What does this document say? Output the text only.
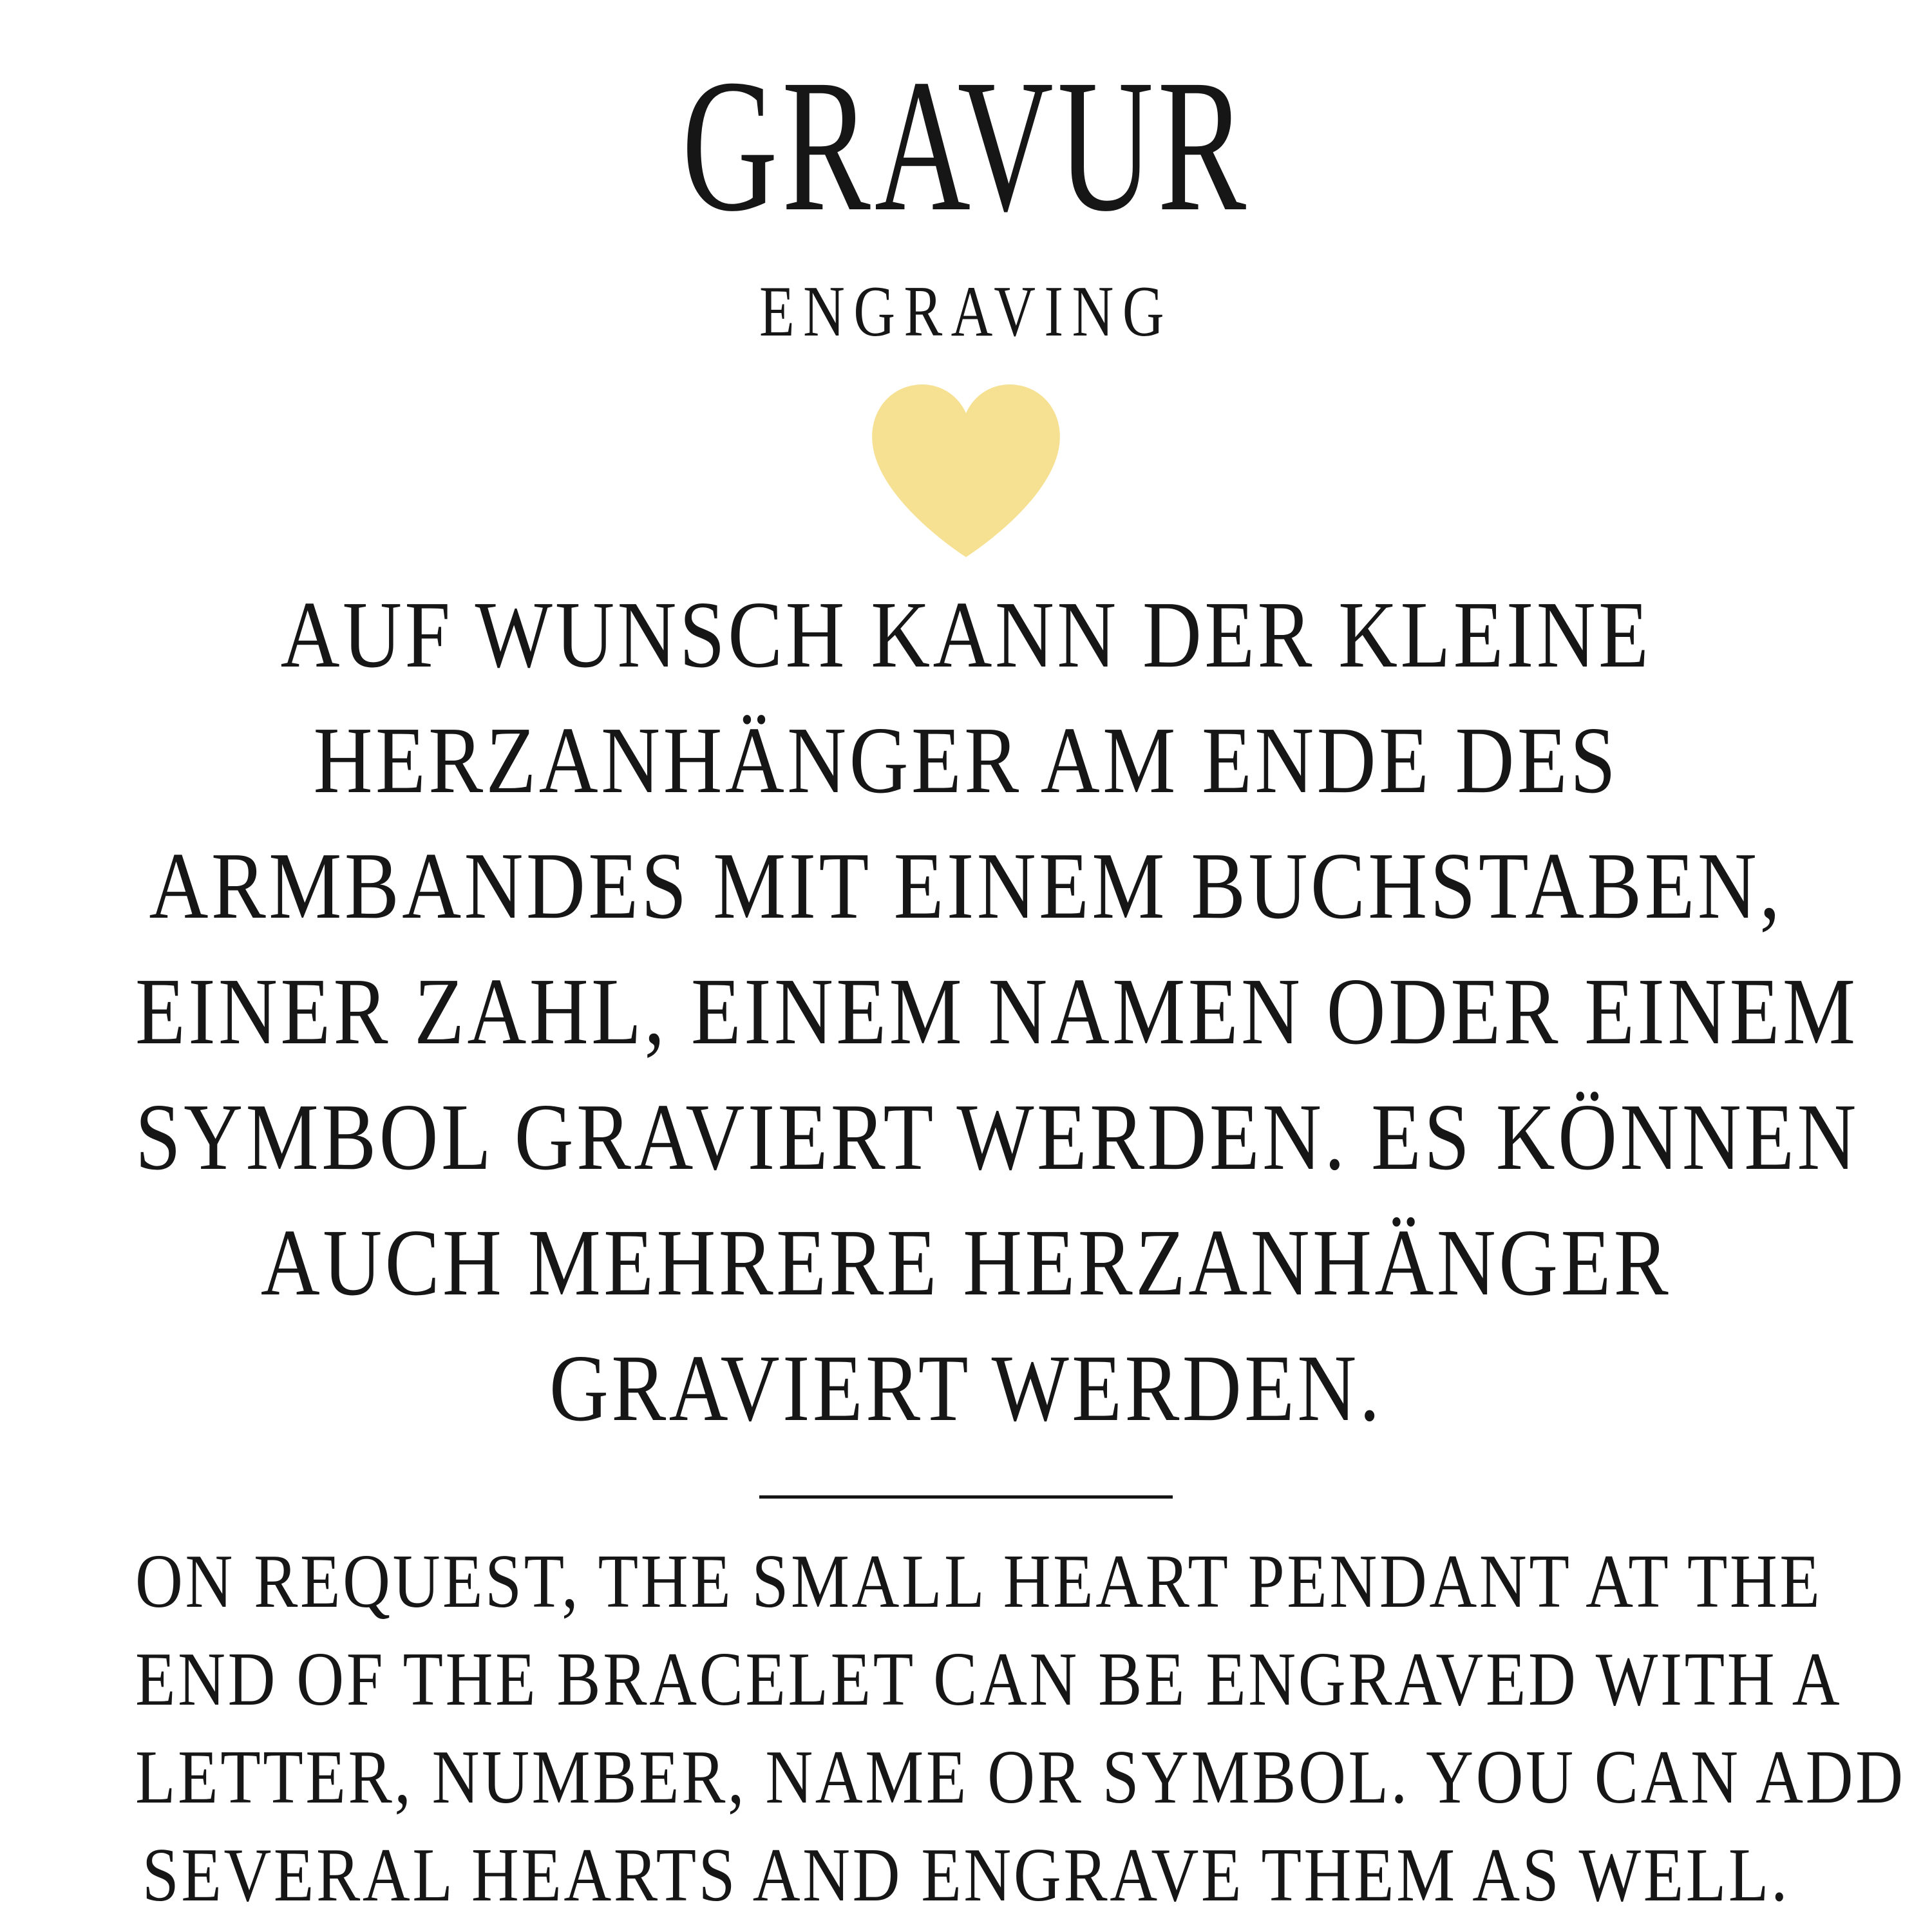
GRAVUR
ENGRAVING
AUF WUNSCH KANN DER KLEINE
HERZANHÄNGER AM ENDE DES
ARMBANDES MIT EINEM BUCHSTABEN,
EINER ZAHL, EINEM NAMEN ODER EINEM
SYMBOL GRAVIERT WERDEN. ES KÖNNEN
AUCH MEHRERE HERZANHÄNGER
GRAVIERT WERDEN.
ON REQUEST, THE SMALL HEART PENDANT AT THE
END OF THE BRACELET CAN BE ENGRAVED WITH A
LETTER, NUMBER, NAME OR SYMBOL. YOU CAN ADD
SEVERAL HEARTS AND ENGRAVE THEM AS WELL.
